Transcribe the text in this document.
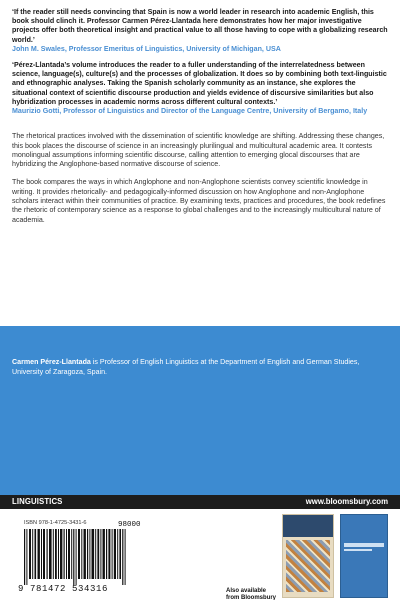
‘If the reader still needs convincing that Spain is now a world leader in research into academic English, this book should clinch it. Professor Carmen Pérez-Llantada here demonstrates how her major investigative projects offer both theoretical insight and practical value to all those having to cope with a globalizing research world.’

John M. Swales, Professor Emeritus of Linguistics, University of Michigan, USA

‘Pérez-Llantada’s volume introduces the reader to a fuller understanding of the interrelatedness between science, language(s), culture(s) and the processes of globalization. It does so by combining both text-linguistic and ethnographic analyses. Taking the Spanish scholarly community as an instance, she explores the situational context of scientific discourse production and yields evidence of discursive similarities but also hybridization processes in academic norms across different cultural contexts.’

Maurizio Gotti, Professor of Linguistics and Director of the Language Centre, University of Bergamo, Italy

The rhetorical practices involved with the dissemination of scientific knowledge are shifting. Addressing these changes, this book places the discourse of science in an increasingly plurilingual and multicultural academic area. It contests monolingual assumptions informing scientific discourse, calling attention to emerging glocal discourses that are hybridizing the Anglophone-based normative discourse of science.

The book compares the ways in which Anglophone and non-Anglophone scientists convey scientific knowledge in writing. It provides rhetorically- and pedagogically-informed discussion on how Anglophone and non-Anglophone scholars interact within their communities of practice. By examining texts, practices and procedures, the book redefines the rhetoric of contemporary science as a response to global challenges and to the increasingly multicultural nature of academia.

Carmen Pérez-Llantada is Professor of English Linguistics at the Department of English and German Studies, University of Zaragoza, Spain.

LINGUISTICS	www.bloomsbury.com
ISBN 978-1-4725-3431-6
9 781472 534316
98000
Also available
from Bloomsbury
